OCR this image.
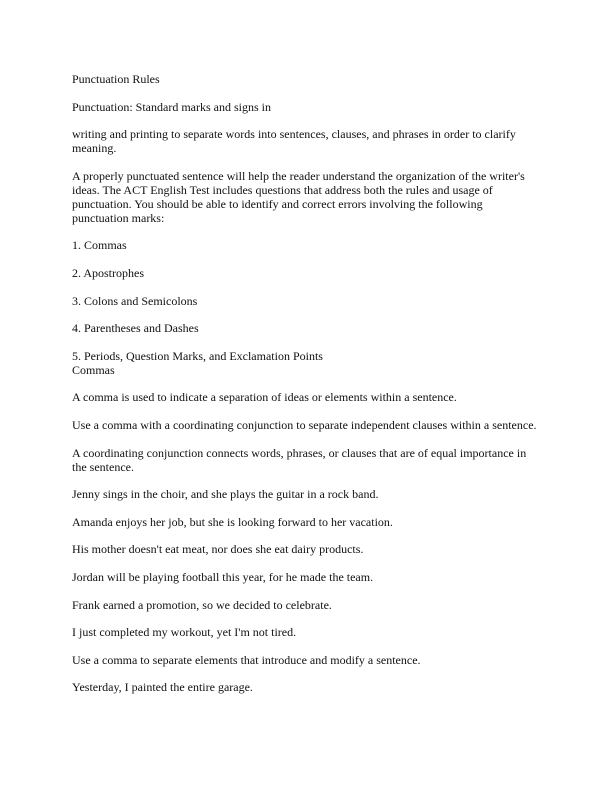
Punctuation Rules

Punctuation: Standard marks and signs in

writing and printing to separate words into sentences, clauses, and phrases in order to clarify meaning.

A properly punctuated sentence will help the reader understand the organization of the writer's ideas. The ACT English Test includes questions that address both the rules and usage of punctuation. You should be able to identify and correct errors involving the following punctuation marks:

1. Commas

2. Apostrophes

3. Colons and Semicolons

4. Parentheses and Dashes

5. Periods, Question Marks, and Exclamation Points

Commas

A comma is used to indicate a separation of ideas or elements within a sentence.

Use a comma with a coordinating conjunction to separate independent clauses within a sentence.

A coordinating conjunction connects words, phrases, or clauses that are of equal importance in the sentence.

Jenny sings in the choir, and she plays the guitar in a rock band.

Amanda enjoys her job, but she is looking forward to her vacation.

His mother doesn't eat meat, nor does she eat dairy products.

Jordan will be playing football this year, for he made the team.

Frank earned a promotion, so we decided to celebrate.

I just completed my workout, yet I'm not tired.

Use a comma to separate elements that introduce and modify a sentence.

Yesterday, I painted the entire garage.
